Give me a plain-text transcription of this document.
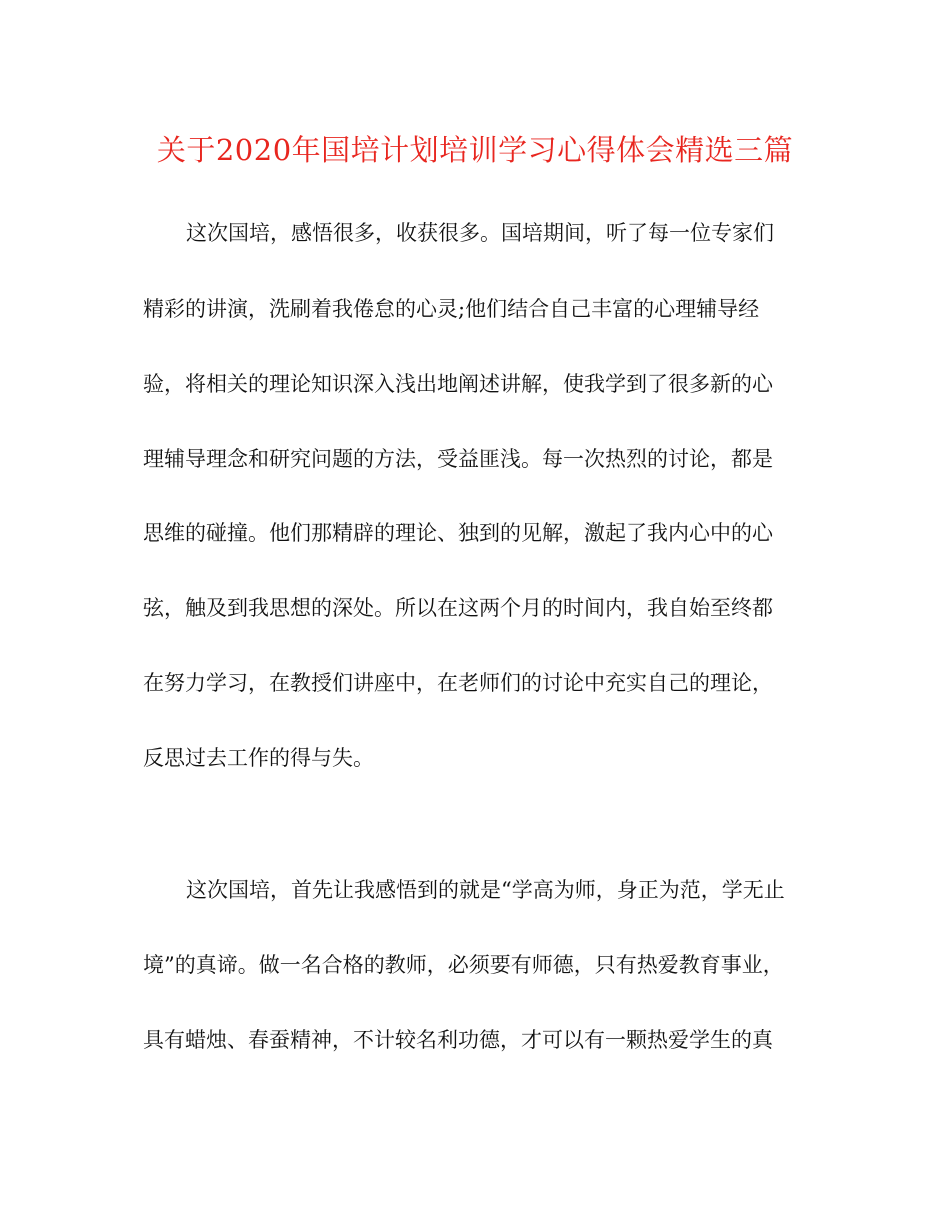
关于2020年国培计划培训学习心得体会精选三篇
这次国培，感悟很多，收获很多。国培期间，听了每一位专家们
精彩的讲演，洗刷着我倦怠的心灵;他们结合自己丰富的心理辅导经
验，将相关的理论知识深入浅出地阐述讲解，使我学到了很多新的心
理辅导理念和研究问题的方法，受益匪浅。每一次热烈的讨论，都是
思维的碰撞。他们那精辟的理论、独到的见解，激起了我内心中的心
弦，触及到我思想的深处。所以在这两个月的时间内，我自始至终都
在努力学习，在教授们讲座中，在老师们的讨论中充实自己的理论，
反思过去工作的得与失。
这次国培，首先让我感悟到的就是“学高为师，身正为范，学无止
境”的真谛。做一名合格的教师，必须要有师德，只有热爱教育事业，
具有蜡烛、春蚕精神，不计较名利功德，才可以有一颗热爱学生的真
